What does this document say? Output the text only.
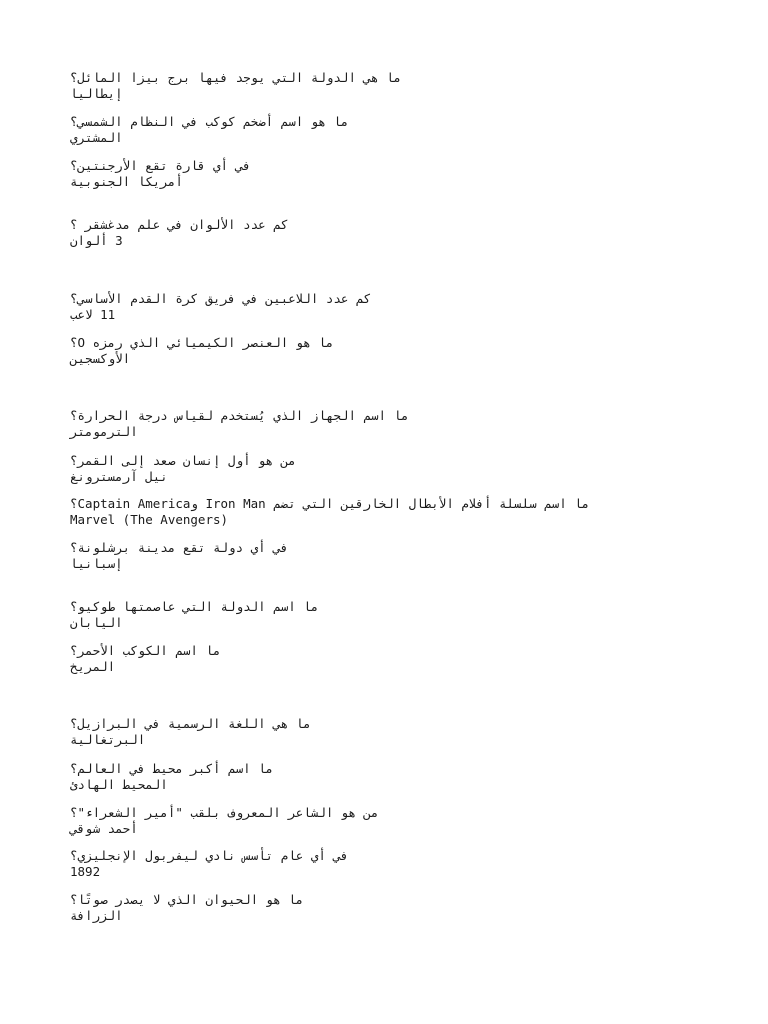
ما هي الدولة التي يوجد فيها برج بيزا المائل؟
إيطاليا
ما هو اسم أضخم كوكب في النظام الشمسي؟
المشتري
في أي قارة تقع الأرجنتين؟
أمريكا الجنوبية
كم عدد الألوان في علم مدغشقر ؟
3 ألوان
كم عدد اللاعبين في فريق كرة القدم الأساسي؟
11 لاعب
ما هو العنصر الكيميائي الذي رمزه O؟
الأوكسجين
ما اسم الجهاز الذي يُستخدم لقياس درجة الحرارة؟
الترمومتر
من هو أول إنسان صعد إلى القمر؟
نيل آرمسترونغ
ما اسم سلسلة أفلام الأبطال الخارقين التي تضم Iron Man وCaptain America؟
Marvel (The Avengers)
في أي دولة تقع مدينة برشلونة؟
إسبانيا
ما اسم الدولة التي عاصمتها طوكيو؟
اليابان
ما اسم الكوكب الأحمر؟
المريخ
ما هي اللغة الرسمية في البرازيل؟
البرتغالية
ما اسم أكبر محيط في العالم؟
المحيط الهادئ
من هو الشاعر المعروف بلقب "أمير الشعراء"؟
أحمد شوقي
في أي عام تأسس نادي ليفربول الإنجليزي؟
1892
ما هو الحيوان الذي لا يصدر صوتًا؟
الزرافة
